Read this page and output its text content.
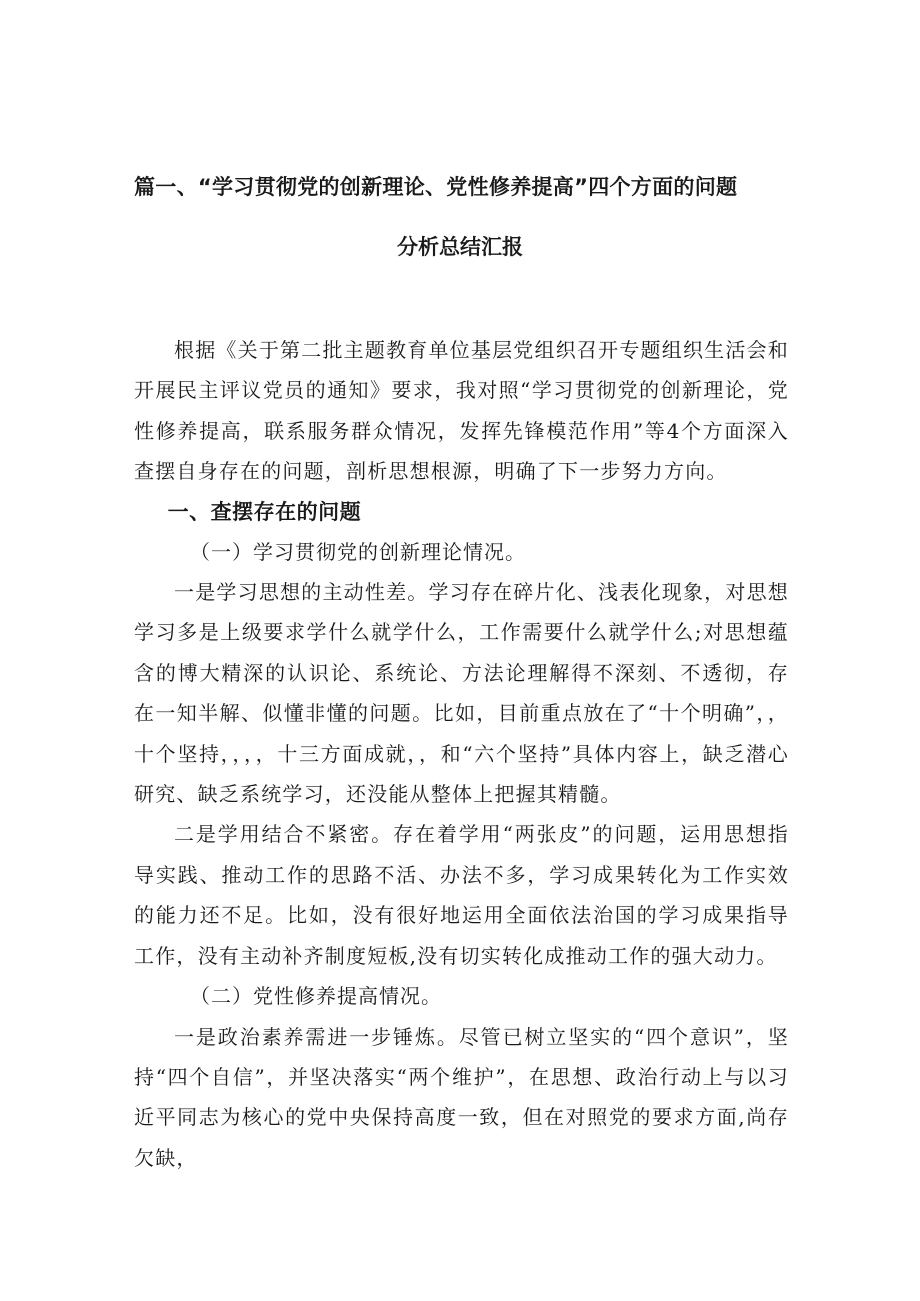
篇一、“学习贯彻党的创新理论、党性修养提高”四个方面的问题
分析总结汇报

根据《关于第二批主题教育单位基层党组织召开专题组织生活会和开展民主评议党员的通知》要求，我对照“学习贯彻党的创新理论，党性修养提高，联系服务群众情况，发挥先锋模范作用”等4个方面深入查摆自身存在的问题，剖析思想根源，明确了下一步努力方向。

一、查摆存在的问题

（一）学习贯彻党的创新理论情况。

一是学习思想的主动性差。学习存在碎片化、浅表化现象，对思想学习多是上级要求学什么就学什么，工作需要什么就学什么;对思想蕴含的博大精深的认识论、系统论、方法论理解得不深刻、不透彻，存在一知半解、似懂非懂的问题。比如，目前重点放在了“十个明确”，，十个坚持，，，，十三方面成就，，和“六个坚持”具体内容上，缺乏潜心研究、缺乏系统学习，还没能从整体上把握其精髓。

二是学用结合不紧密。存在着学用“两张皮”的问题，运用思想指导实践、推动工作的思路不活、办法不多，学习成果转化为工作实效的能力还不足。比如，没有很好地运用全面依法治国的学习成果指导工作，没有主动补齐制度短板,没有切实转化成推动工作的强大动力。

（二）党性修养提高情况。

一是政治素养需进一步锤炼。尽管已树立坚实的“四个意识”，坚持“四个自信”，并坚决落实“两个维护”，在思想、政治行动上与以习近平同志为核心的党中央保持高度一致，但在对照党的要求方面,尚存欠缺，
